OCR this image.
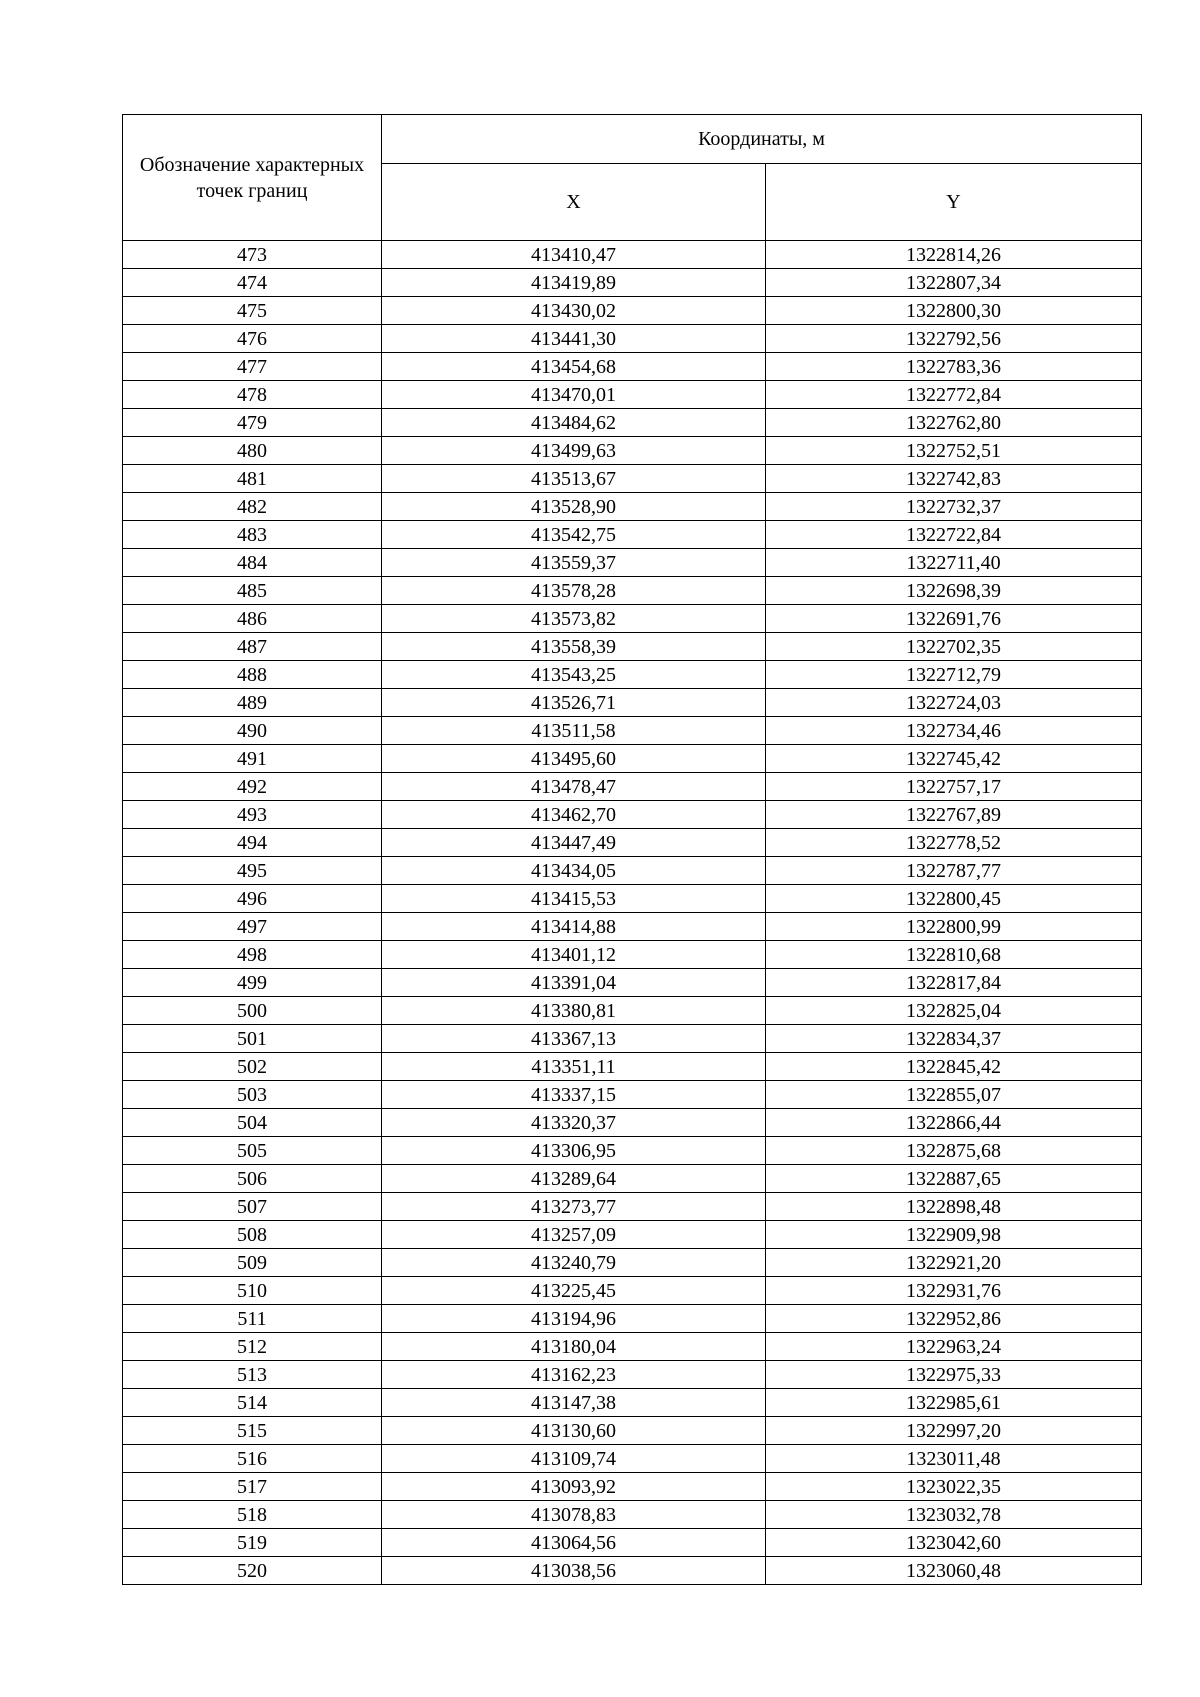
Обозначение характерных точек границ	Координаты, м	
	X	Y
473	413410,47	1322814,26
474	413419,89	1322807,34
475	413430,02	1322800,30
476	413441,30	1322792,56
477	413454,68	1322783,36
478	413470,01	1322772,84
479	413484,62	1322762,80
480	413499,63	1322752,51
481	413513,67	1322742,83
482	413528,90	1322732,37
483	413542,75	1322722,84
484	413559,37	1322711,40
485	413578,28	1322698,39
486	413573,82	1322691,76
487	413558,39	1322702,35
488	413543,25	1322712,79
489	413526,71	1322724,03
490	413511,58	1322734,46
491	413495,60	1322745,42
492	413478,47	1322757,17
493	413462,70	1322767,89
494	413447,49	1322778,52
495	413434,05	1322787,77
496	413415,53	1322800,45
497	413414,88	1322800,99
498	413401,12	1322810,68
499	413391,04	1322817,84
500	413380,81	1322825,04
501	413367,13	1322834,37
502	413351,11	1322845,42
503	413337,15	1322855,07
504	413320,37	1322866,44
505	413306,95	1322875,68
506	413289,64	1322887,65
507	413273,77	1322898,48
508	413257,09	1322909,98
509	413240,79	1322921,20
510	413225,45	1322931,76
511	413194,96	1322952,86
512	413180,04	1322963,24
513	413162,23	1322975,33
514	413147,38	1322985,61
515	413130,60	1322997,20
516	413109,74	1323011,48
517	413093,92	1323022,35
518	413078,83	1323032,78
519	413064,56	1323042,60
520	413038,56	1323060,48
